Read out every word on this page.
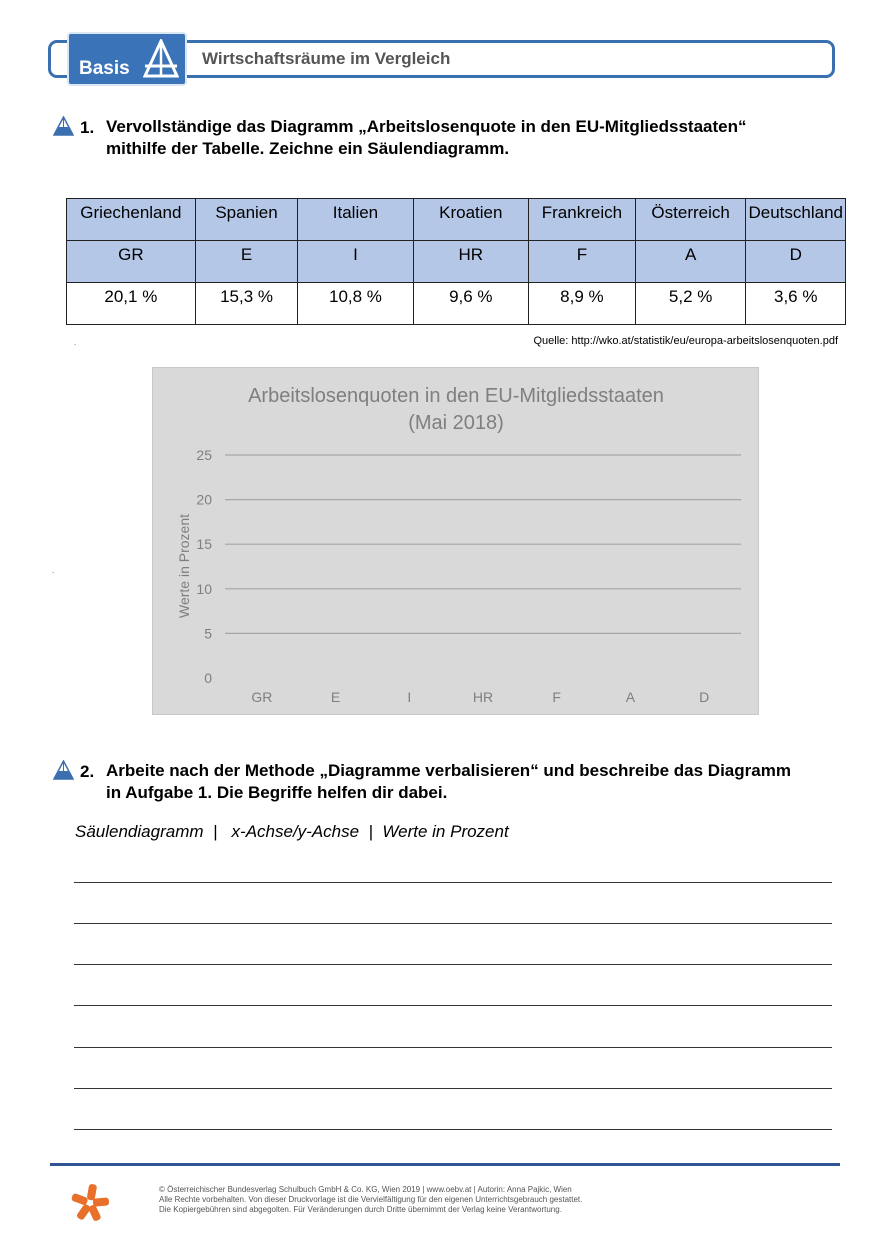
Basis	Wirtschaftsräume im Vergleich
1. Vervollständige das Diagramm „Arbeitslosenquote in den EU-Mitgliedsstaaten“
mithilfe der Tabelle. Zeichne ein Säulendiagramm.
Griechenland	Spanien	Italien	Kroatien	Frankreich	Österreich	Deutschland
GR	E	I	HR	F	A	D
20,1 %	15,3 %	10,8 %	9,6 %	8,9 %	5,2 %	3,6 %
Quelle: http://wko.at/statistik/eu/europa-arbeitslosenquoten.pdf
.
.
Arbeitslosenquoten in den EU-Mitgliedsstaaten
(Mai 2018)
Werte in Prozent
0
5
10
15
20
25
GR	E	I	HR	F	A	D
2. Arbeite nach der Methode „Diagramme verbalisieren“ und beschreibe das Diagramm
in Aufgabe 1. Die Begriffe helfen dir dabei.
Säulendiagramm  |   x-Achse/y-Achse  |  Werte in Prozent
© Österreichischer Bundesverlag Schulbuch GmbH & Co. KG, Wien 2019 | www.oebv.at | Autorin: Anna Pajkic, Wien
Alle Rechte vorbehalten. Von dieser Druckvorlage ist die Vervielfältigung für den eigenen Unterrichtsgebrauch gestattet.
Die Kopiergebühren sind abgegolten. Für Veränderungen durch Dritte übernimmt der Verlag keine Verantwortung.
